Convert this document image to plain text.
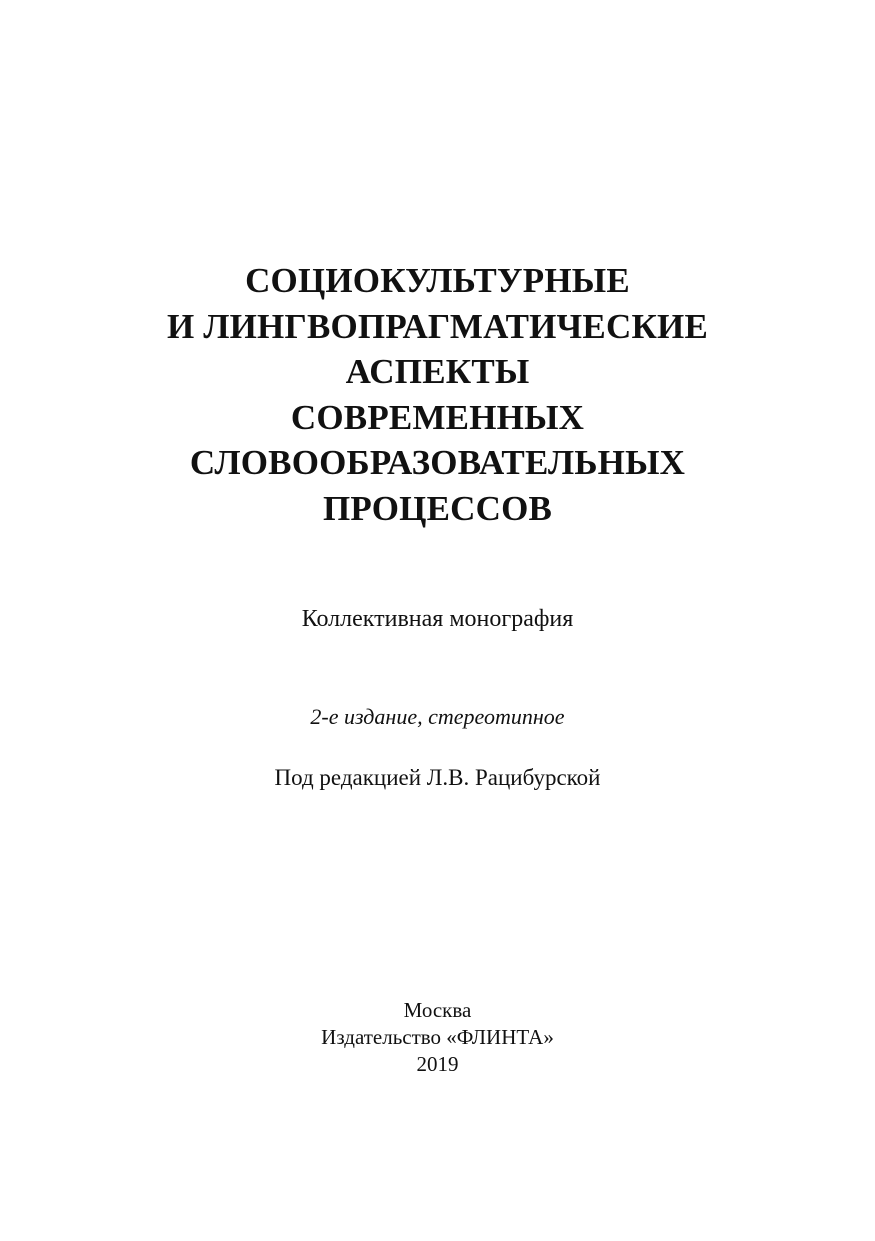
СОЦИОКУЛЬТУРНЫЕ
И ЛИНГВОПРАГМАТИЧЕСКИЕ
АСПЕКТЫ
СОВРЕМЕННЫХ
СЛОВООБРАЗОВАТЕЛЬНЫХ
ПРОЦЕССОВ
Коллективная монография
2-е издание, стереотипное
Под редакцией Л.В. Рацибурской
Москва
Издательство «ФЛИНТА»
2019
